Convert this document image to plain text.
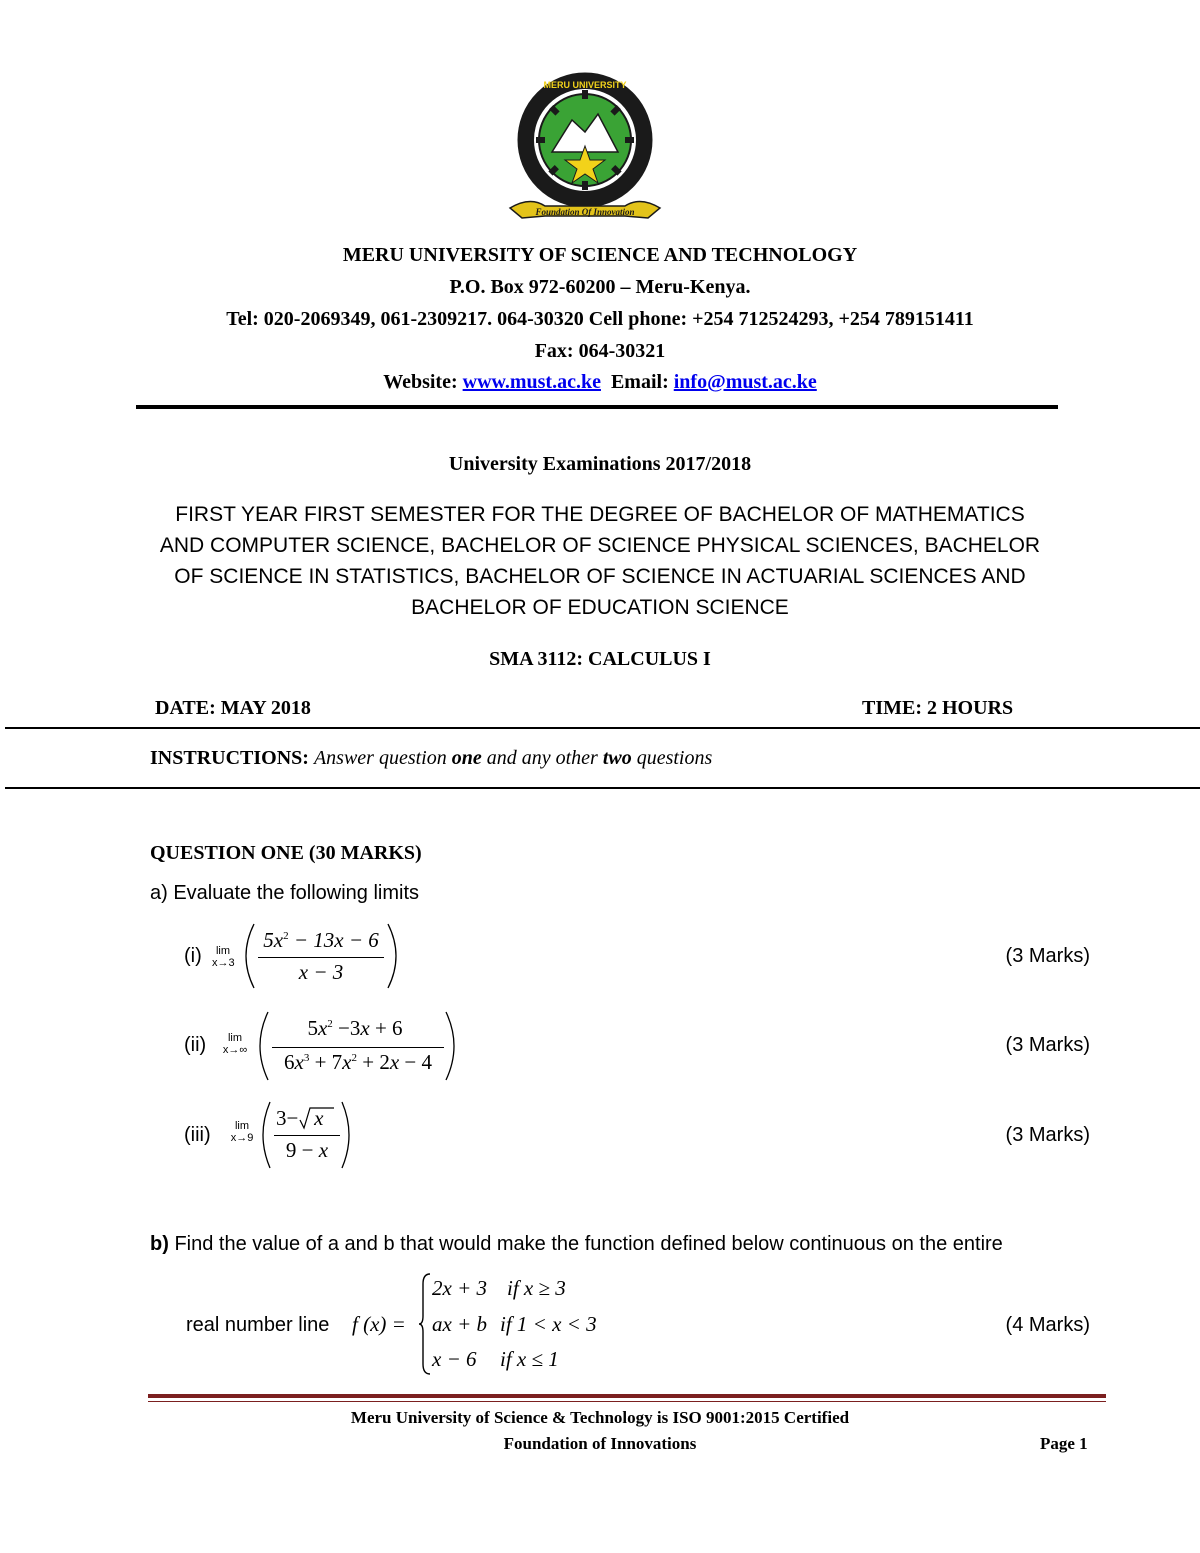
MERU UNIVERSITY
Foundation Of Innovation
MERU UNIVERSITY OF SCIENCE AND TECHNOLOGY
P.O. Box 972-60200 – Meru-Kenya.
Tel: 020-2069349, 061-2309217. 064-30320 Cell phone: +254 712524293, +254 789151411
Fax: 064-30321
Website: www.must.ac.ke Email: info@must.ac.ke
University Examinations 2017/2018
FIRST YEAR FIRST SEMESTER FOR THE DEGREE OF BACHELOR OF MATHEMATICS
AND COMPUTER SCIENCE, BACHELOR OF SCIENCE PHYSICAL SCIENCES, BACHELOR
OF SCIENCE IN STATISTICS, BACHELOR OF SCIENCE IN ACTUARIAL SCIENCES AND
BACHELOR OF EDUCATION SCIENCE
SMA 3112: CALCULUS I
DATE: MAY 2018	TIME: 2 HOURS
INSTRUCTIONS: Answer question one and any other two questions
QUESTION ONE (30 MARKS)
a) Evaluate the following limits
(i)	lim
x→3
$5x^2 - 13x - 6$
x − 3
(3 Marks)
(ii)	lim
x→∞
$5x^2 -3x + 6$
$6x^3 + 7x^2 + 2x - 4$
(3 Marks)
(iii)	lim
x→9
3− x
9 − x
(3 Marks)
b) Find the value of a and b that would make the function defined below continuous on the entire
real number line f (x) =
2x + 3 if x ≥ 3
ax + b if 1 < x < 3
x − 6 if x ≤ 1
(4 Marks)
Meru University of Science & Technology is ISO 9001:2015 Certified
Foundation of Innovations	Page 1
